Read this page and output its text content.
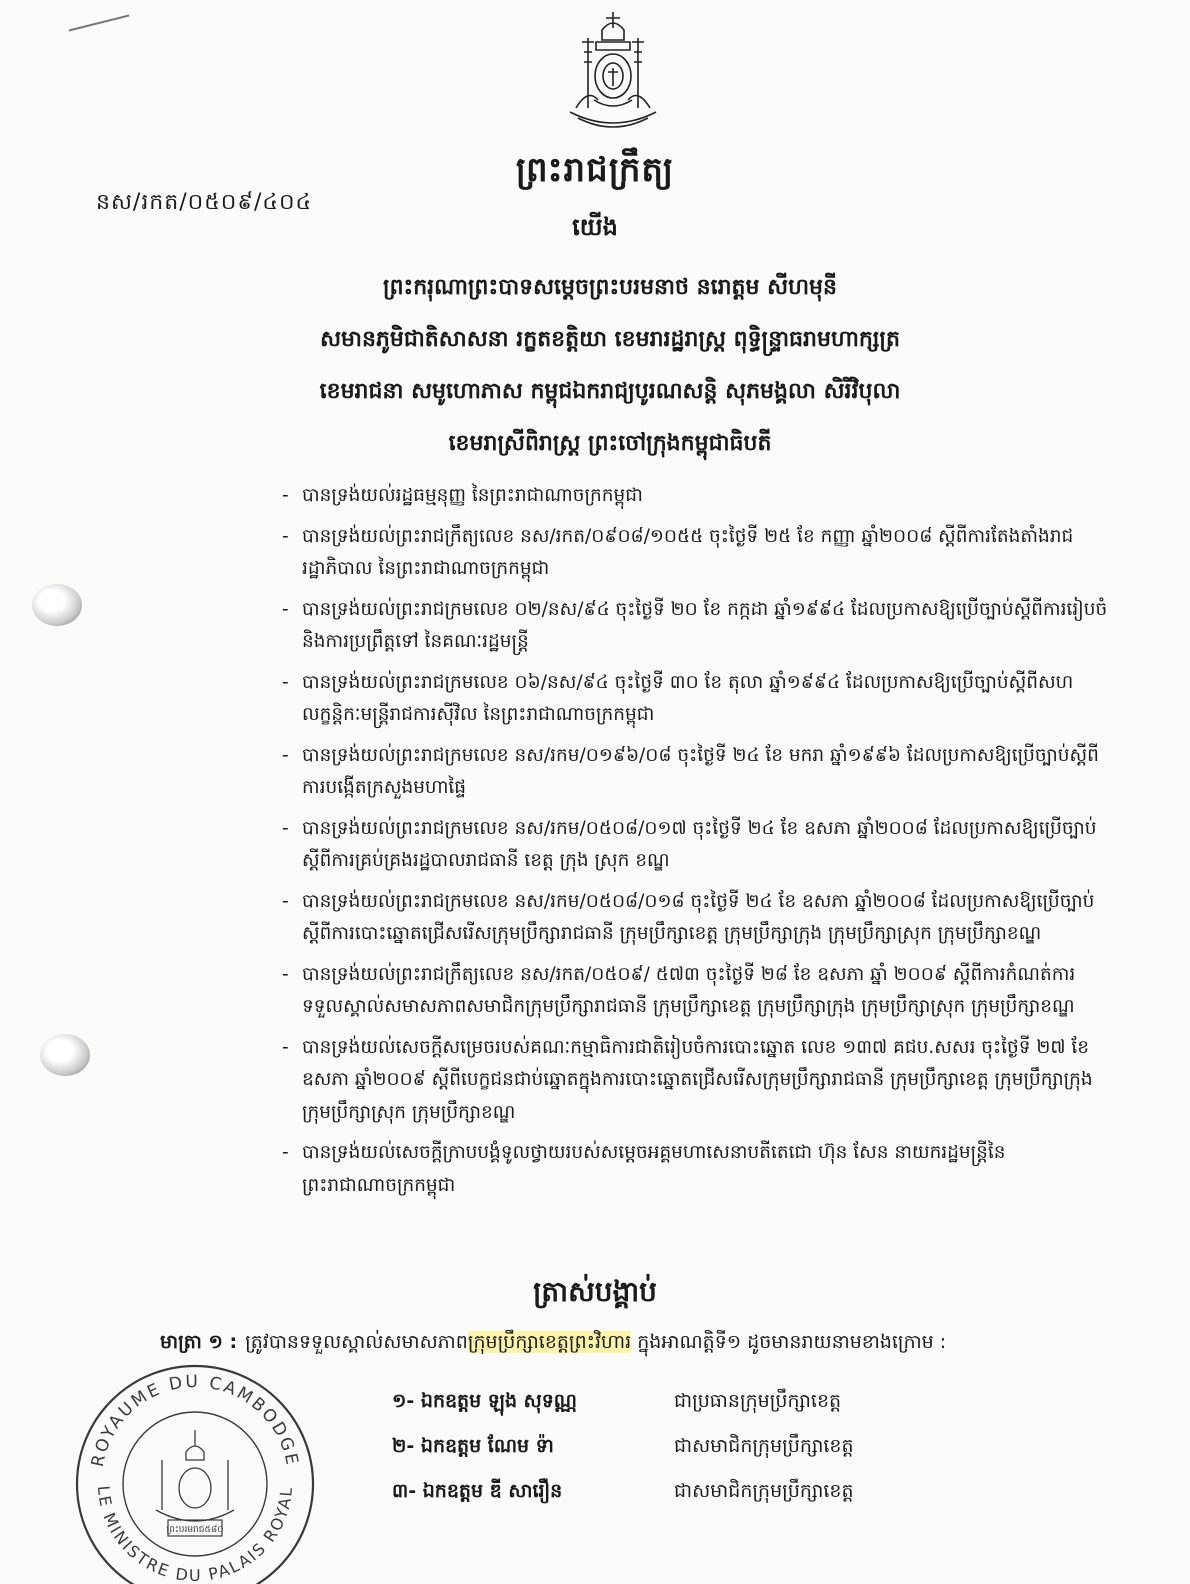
ព្រះរាជក្រឹត្យ
នស/រកត/០៥០៩/៤០៤
យើង
ព្រះករុណាព្រះបាទសម្តេចព្រះបរមនាថ នរោត្តម សីហមុនី
សមានភូមិជាតិសាសនា រក្ខតខត្តិយា ខេមរារដ្ឋរាស្ត្រ ពុទ្ធិន្ទ្រាធរាមហាក្សត្រ
ខេមរាជនា សមូហោភាស កម្ពុជឯករាជ្យបូរណសន្តិ សុភមង្គលា សិរីវិបុលា
ខេមរាស្រីពិរាស្ត្រ ព្រះចៅក្រុងកម្ពុជាធិបតី
- បានទ្រង់យល់រដ្ឋធម្មនុញ្ញ នៃព្រះរាជាណាចក្រកម្ពុជា
- បានទ្រង់យល់ព្រះរាជក្រឹត្យលេខ នស/រកត/០៩០៨/១០៥៥ ចុះថ្ងៃទី ២៥ ខែ កញ្ញា ឆ្នាំ២០០៨ ស្តីពីការតែងតាំងរាជរដ្ឋាភិបាល នៃព្រះរាជាណាចក្រកម្ពុជា
- បានទ្រង់យល់ព្រះរាជក្រមលេខ ០២/នស/៩៤ ចុះថ្ងៃទី ២០ ខែ កក្កដា ឆ្នាំ១៩៩៤ ដែលប្រកាសឱ្យប្រើច្បាប់ស្តីពីការរៀបចំ និងការប្រព្រឹត្តទៅ នៃគណៈរដ្ឋមន្ត្រី
- បានទ្រង់យល់ព្រះរាជក្រមលេខ ០៦/នស/៩៤ ចុះថ្ងៃទី ៣០ ខែ តុលា ឆ្នាំ១៩៩៤ ដែលប្រកាសឱ្យប្រើច្បាប់ស្តីពីសហលក្ខន្តិកៈមន្ត្រីរាជការស៊ីវិល នៃព្រះរាជាណាចក្រកម្ពុជា
- បានទ្រង់យល់ព្រះរាជក្រមលេខ នស/រកម/០១៩៦/០៨ ចុះថ្ងៃទី ២៤ ខែ មករា ឆ្នាំ១៩៩៦ ដែលប្រកាសឱ្យប្រើច្បាប់ស្តីពីការបង្កើតក្រសួងមហាផ្ទៃ
- បានទ្រង់យល់ព្រះរាជក្រមលេខ នស/រកម/០៥០៨/០១៧ ចុះថ្ងៃទី ២៤ ខែ ឧសភា ឆ្នាំ២០០៨ ដែលប្រកាសឱ្យប្រើច្បាប់ស្តីពីការគ្រប់គ្រងរដ្ឋបាលរាជធានី ខេត្ត ក្រុង ស្រុក ខណ្ឌ
- បានទ្រង់យល់ព្រះរាជក្រមលេខ នស/រកម/០៥០៨/០១៨ ចុះថ្ងៃទី ២៤ ខែ ឧសភា ឆ្នាំ២០០៨ ដែលប្រកាសឱ្យប្រើច្បាប់ស្តីពីការបោះឆ្នោតជ្រើសរើសក្រុមប្រឹក្សារាជធានី ក្រុមប្រឹក្សាខេត្ត ក្រុមប្រឹក្សាក្រុង ក្រុមប្រឹក្សាស្រុក ក្រុមប្រឹក្សាខណ្ឌ
- បានទ្រង់យល់ព្រះរាជក្រឹត្យលេខ នស/រកត/០៥០៩/ ៥៧៣ ចុះថ្ងៃទី ២៨ ខែ ឧសភា ឆ្នាំ ២០០៩ ស្តីពីការកំណត់ការទទួលស្គាល់សមាសភាពសមាជិកក្រុមប្រឹក្សារាជធានី ក្រុមប្រឹក្សាខេត្ត ក្រុមប្រឹក្សាក្រុង ក្រុមប្រឹក្សាស្រុក ក្រុមប្រឹក្សាខណ្ឌ
- បានទ្រង់យល់សេចក្តីសម្រេចរបស់គណៈកម្មាធិការជាតិរៀបចំការបោះឆ្នោត លេខ ១៣៧ គជប.សសរ ចុះថ្ងៃទី ២៧ ខែ ឧសភា ឆ្នាំ២០០៩ ស្តីពីបេក្ខជនជាប់ឆ្នោតក្នុងការបោះឆ្នោតជ្រើសរើសក្រុមប្រឹក្សារាជធានី ក្រុមប្រឹក្សាខេត្ត ក្រុមប្រឹក្សាក្រុង ក្រុមប្រឹក្សាស្រុក ក្រុមប្រឹក្សាខណ្ឌ
- បានទ្រង់យល់សេចក្តីក្រាបបង្គំទូលថ្វាយរបស់សម្តេចអគ្គមហាសេនាបតីតេជោ ហ៊ុន សែន នាយករដ្ឋមន្ត្រីនៃព្រះរាជាណាចក្រកម្ពុជា
ត្រាស់បង្គាប់
មាត្រា ១ : ត្រូវបានទទួលស្គាល់សមាសភាពក្រុមប្រឹក្សាខេត្តព្រះវិហារ ក្នុងអាណត្តិទី១ ដូចមានរាយនាមខាងក្រោម :
១- ឯកឧត្តម ឡុង សុទណ្ណ	ជាប្រធានក្រុមប្រឹក្សាខេត្ត
២- ឯកឧត្តម ណែម ទ៉ា	ជាសមាជិកក្រុមប្រឹក្សាខេត្ត
៣- ឯកឧត្តម ឌី សារឿន	ជាសមាជិកក្រុមប្រឹក្សាខេត្ត
ROYAUME DU CAMBODGE
LE MINISTRE DU PALAIS ROYAL
ព្រះបរមរាជ៥៨០
